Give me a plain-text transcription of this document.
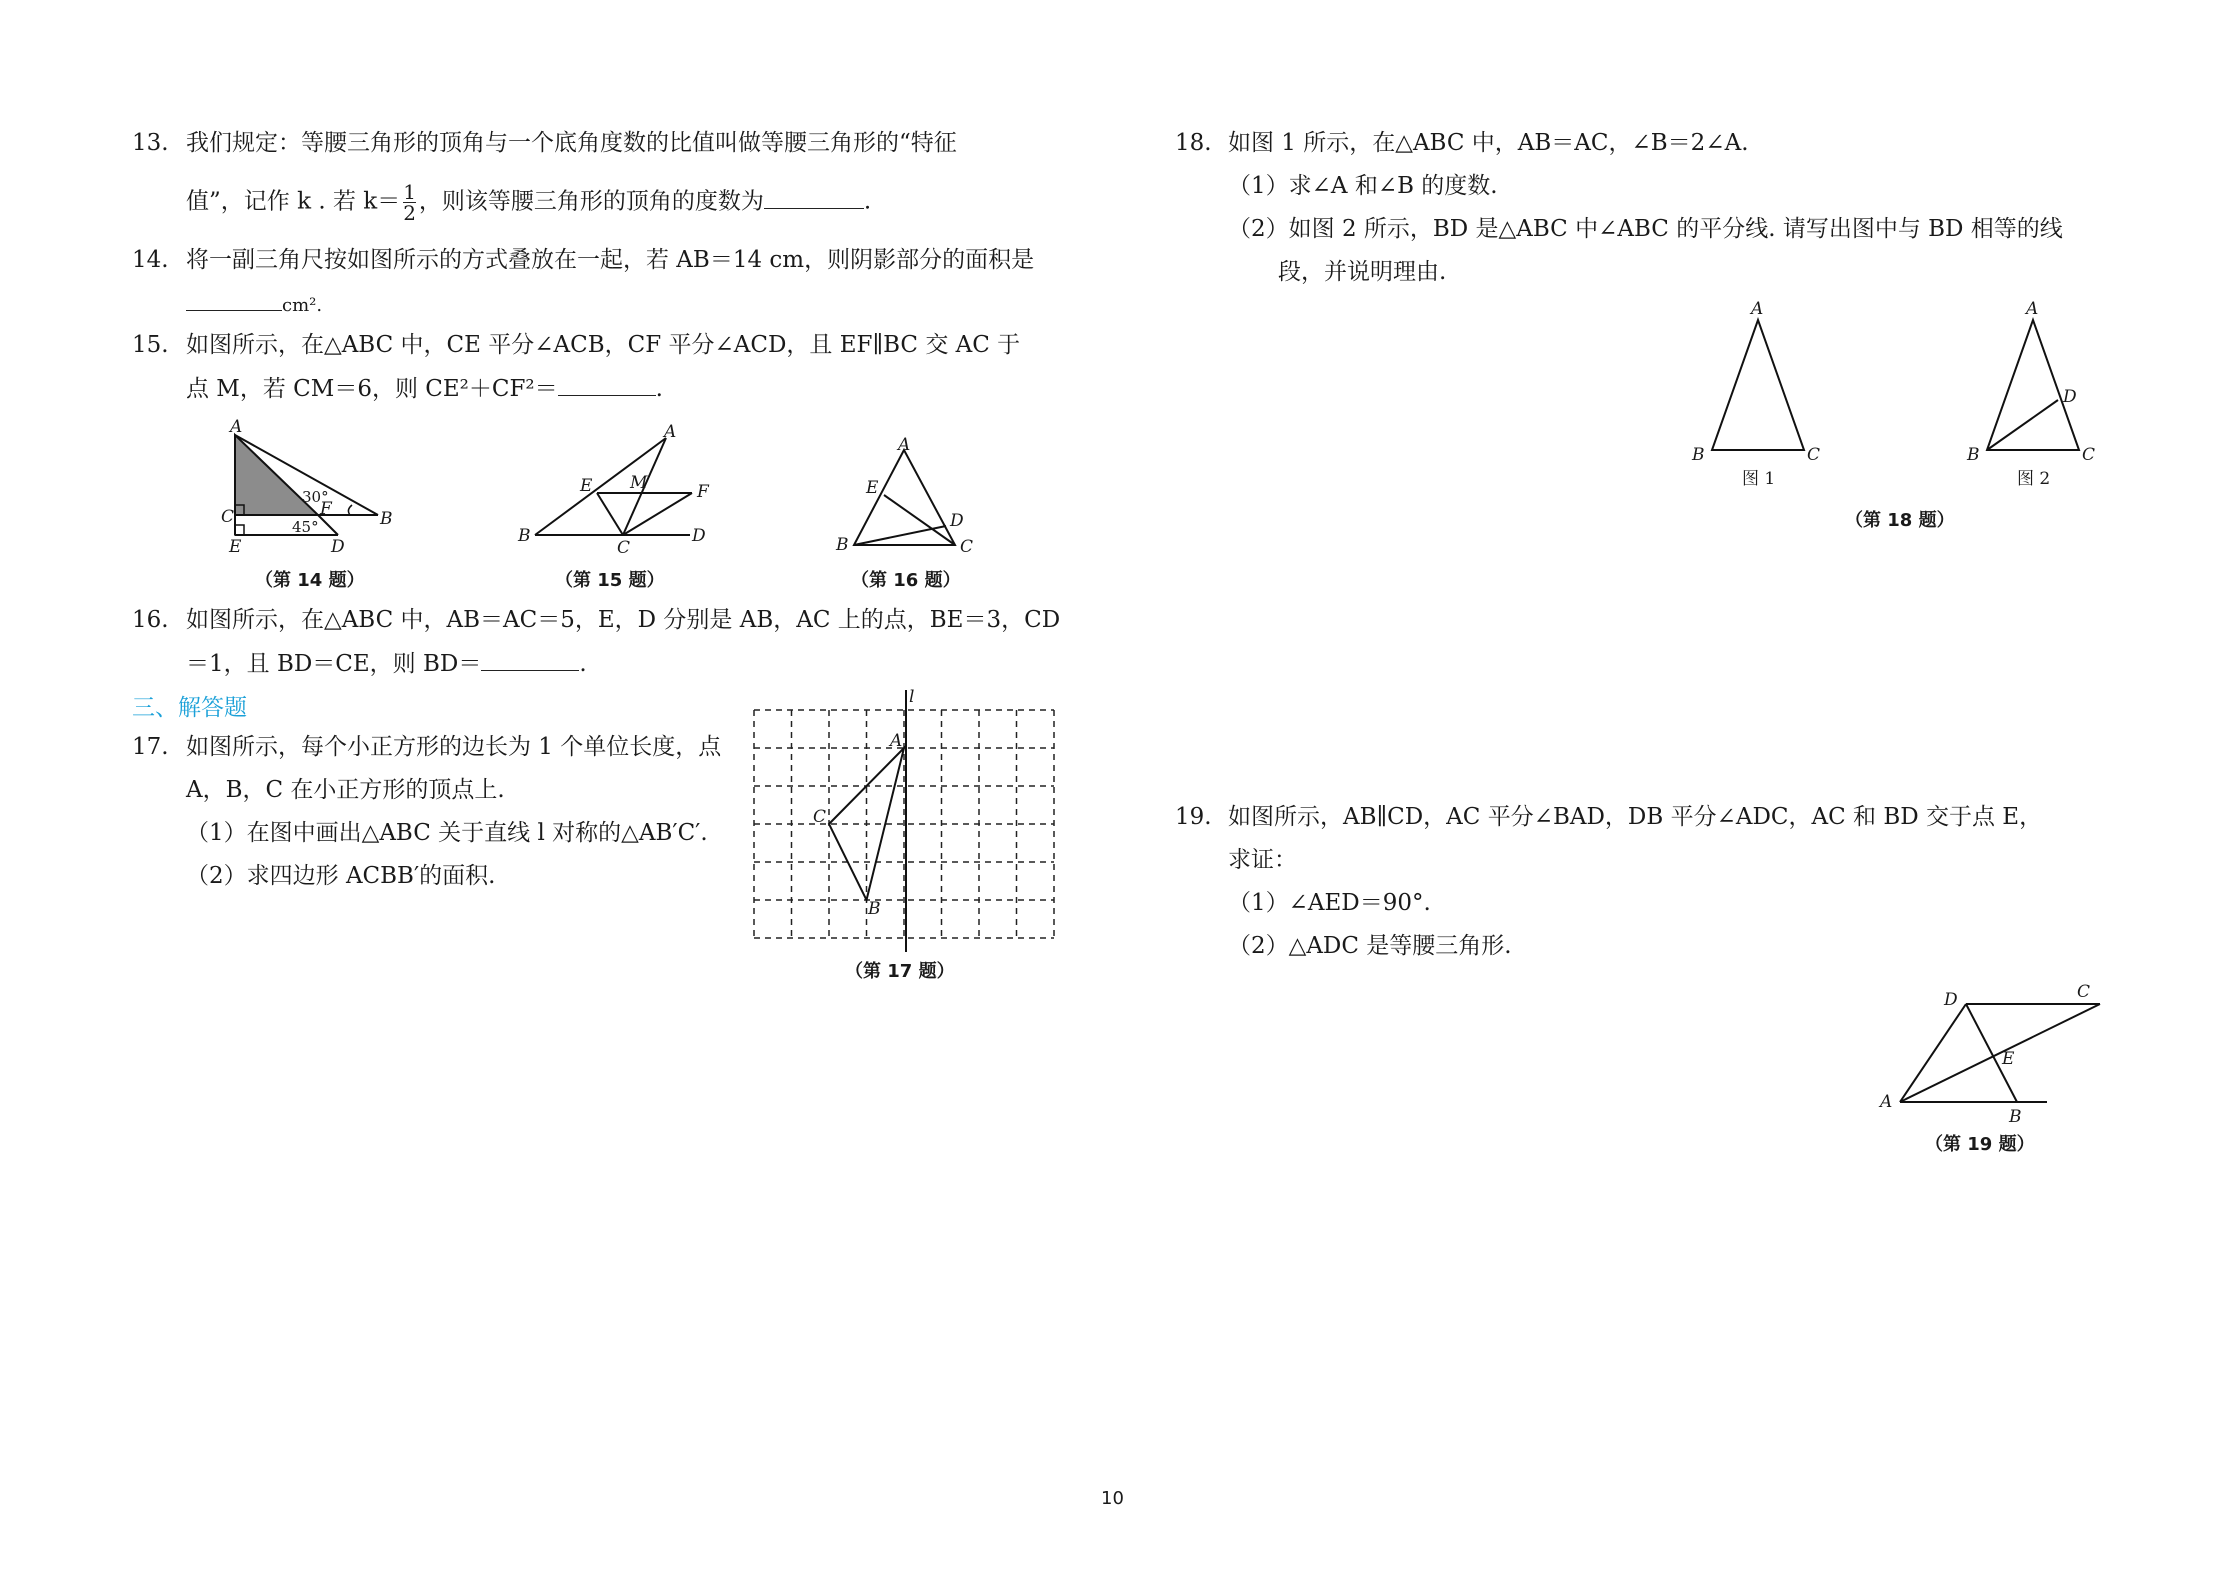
13. 我们规定：等腰三角形的顶角与一个底角度数的比值叫做等腰三角形的“特征
值”，记作 k . 若 $k= \frac{1}{2}$ ，则该等腰三角形的顶角的度数为	.
14. 将一副三角尺按如图所示的方式叠放在一起，若 AB＝14 cm，则阴影部分的面积是
cm².
15. 如图所示，在△ABC 中，CE 平分∠ACB，CF 平分∠ACD，且 EF∥BC 交 AC 于
点 M，若 CM＝6，则 CE²＋CF²＝	.
A
B
C
E
F
D
30°
45°
（第 14 题）
A
E M	F
B
C
D
（第 15 题）
A
E
D
B	C
（第 16 题）
16. 如图所示，在△ABC 中，AB＝AC＝5，E，D 分别是 AB，AC 上的点，BE＝3，CD
＝1，且 BD＝CE，则 BD＝	.
三、解答题
17. 如图所示，每个小正方形的边长为 1 个单位长度，点
A，B，C 在小正方形的顶点上.
（1）在图中画出△ABC 关于直线 l 对称的△AB′C′.
（2）求四边形 ACBB′的面积.
l
A
C
B
（第 17 题）
18. 如图 1 所示，在△ABC 中，AB＝AC，∠B＝2∠A.
（1）求∠A 和∠B 的度数.
（2）如图 2 所示，BD 是△ABC 中∠ABC 的平分线. 请写出图中与 BD 相等的线
段，并说明理由.
A
B	C
A
D
B	C
图 1	图 2
（第 18 题）
19. 如图所示，AB∥CD，AC 平分∠BAD，DB 平分∠ADC，AC 和 BD 交于点 E，
求证：
（1）∠AED＝90°.
（2）△ADC 是等腰三角形.
D	C
E
A
B
（第 19 题）
10
